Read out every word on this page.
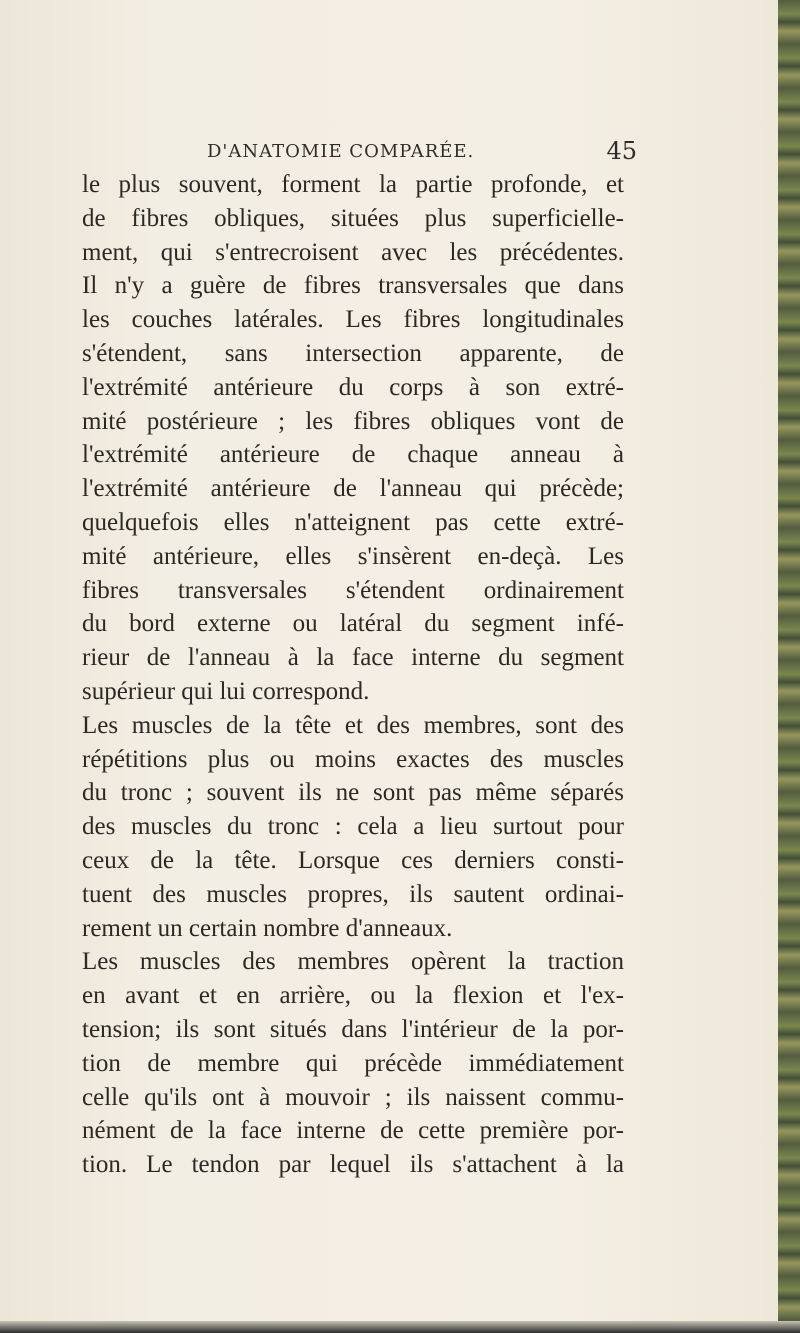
D'ANATOMIE COMPARÉE.	45
le plus souvent, forment la partie profonde, et
de fibres obliques, situées plus superficielle-
ment, qui s'entrecroisent avec les précédentes.
Il n'y a guère de fibres transversales que dans
les couches latérales. Les fibres longitudinales
s'étendent, sans intersection apparente, de
l'extrémité antérieure du corps à son extré-
mité postérieure ; les fibres obliques vont de
l'extrémité antérieure de chaque anneau à
l'extrémité antérieure de l'anneau qui précède;
quelquefois elles n'atteignent pas cette extré-
mité antérieure, elles s'insèrent en-deçà. Les
fibres transversales s'étendent ordinairement
du bord externe ou latéral du segment infé-
rieur de l'anneau à la face interne du segment
supérieur qui lui correspond.
Les muscles de la tête et des membres, sont des
répétitions plus ou moins exactes des muscles
du tronc ; souvent ils ne sont pas même séparés
des muscles du tronc : cela a lieu surtout pour
ceux de la tête. Lorsque ces derniers consti-
tuent des muscles propres, ils sautent ordinai-
rement un certain nombre d'anneaux.
Les muscles des membres opèrent la traction
en avant et en arrière, ou la flexion et l'ex-
tension; ils sont situés dans l'intérieur de la por-
tion de membre qui précède immédiatement
celle qu'ils ont à mouvoir ; ils naissent commu-
nément de la face interne de cette première por-
tion. Le tendon par lequel ils s'attachent à la
